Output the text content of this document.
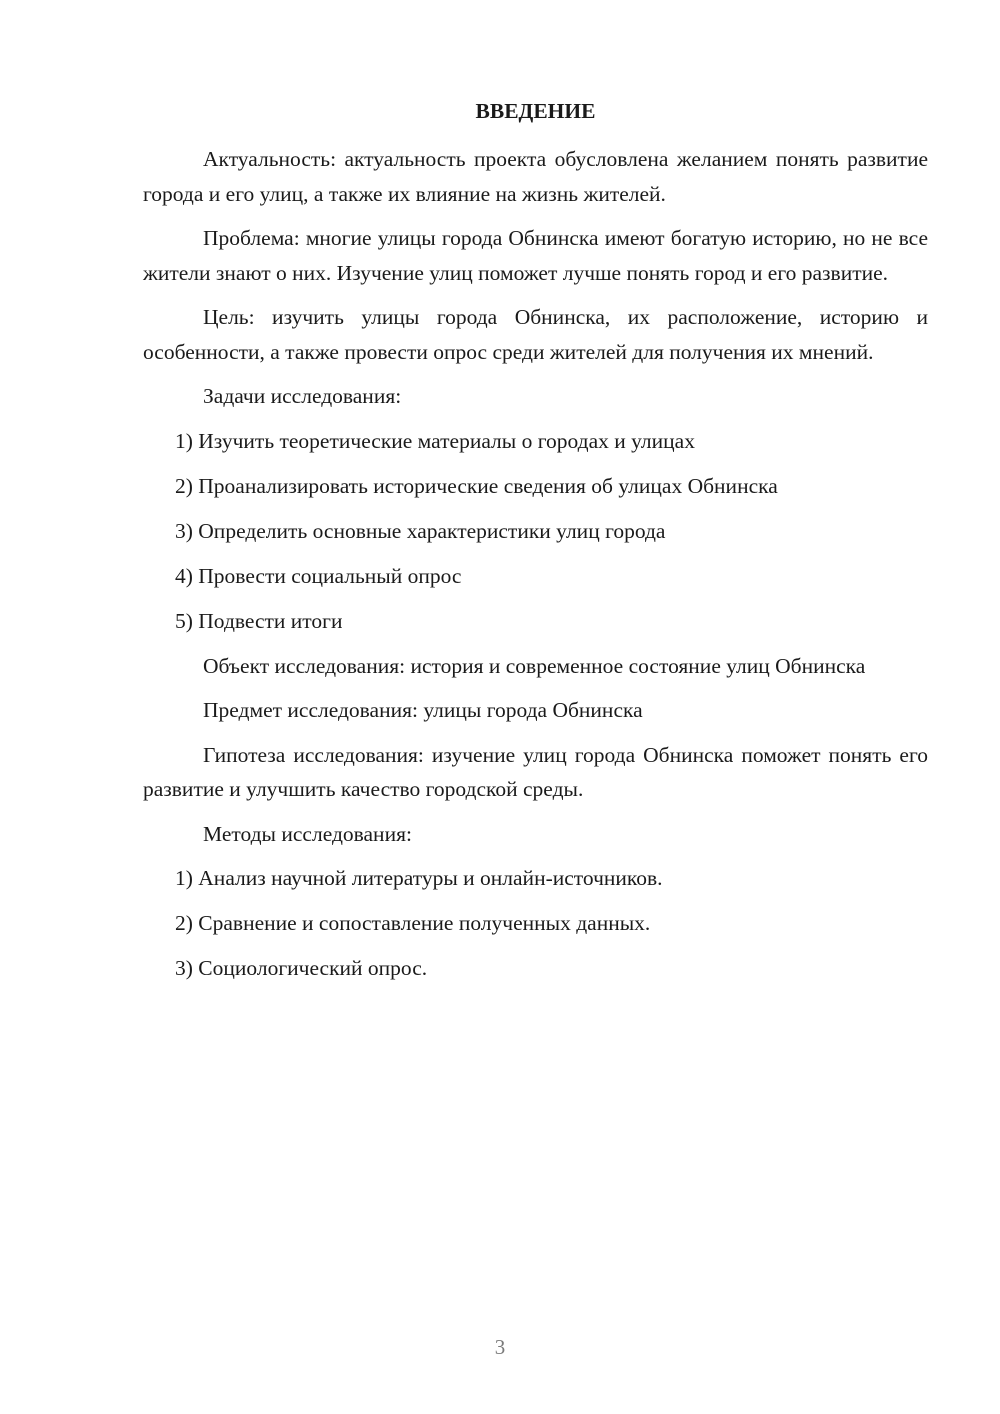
ВВЕДЕНИЕ

Актуальность: актуальность проекта обусловлена желанием понять развитие города и его улиц, а также их влияние на жизнь жителей.

Проблема: многие улицы города Обнинска имеют богатую историю, но не все жители знают о них. Изучение улиц поможет лучше понять город и его развитие.

Цель: изучить улицы города Обнинска, их расположение, историю и особенности, а также провести опрос среди жителей для получения их мнений.

Задачи исследования:

1) Изучить теоретические материалы о городах и улицах
2) Проанализировать исторические сведения об улицах Обнинска
3) Определить основные характеристики улиц города
4) Провести социальный опрос
5) Подвести итоги

Объект исследования: история и современное состояние улиц Обнинска

Предмет исследования: улицы города Обнинска

Гипотеза исследования: изучение улиц города Обнинска поможет понять его развитие и улучшить качество городской среды.

Методы исследования:

1) Анализ научной литературы и онлайн-источников.
2) Сравнение и сопоставление полученных данных.
3) Социологический опрос.
3
